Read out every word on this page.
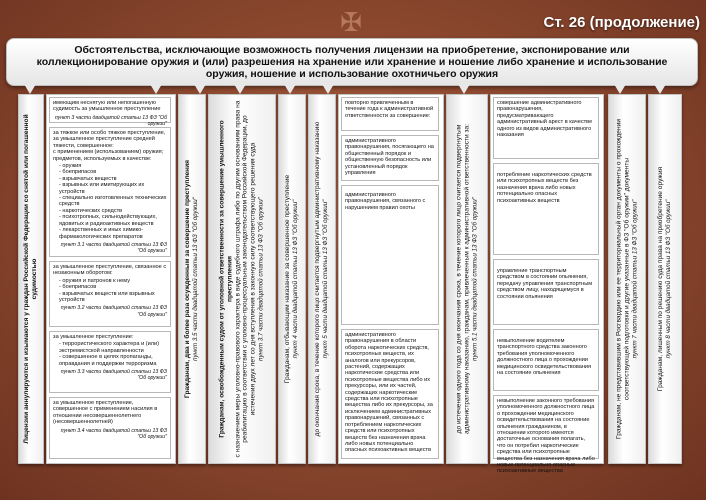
✠	Ст. 26 (продолжение)
Обстоятельства, исключающие возможность получения лицензии на приобретение, экспонирование или коллекционирование оружия и (или) разрешения на хранение или хранение и ношение либо хранение и использование оружия, ношение и использование охотничьего оружия
Лицензии аннулируются и изымаются у граждан Российской Федерации со снятой или погашенной судимостью
имеющим неснятую или непогашенную судимость за умышленное преступление
пункт 3 части двадцатой статьи 13 ФЗ "Об оружии"
за тяжкое или особо тяжкое преступление, за умышленное преступление средней тяжести, совершенное:
с применением (использованием) оружия; предметов, используемых в качестве:
- оружия
- боеприпасов
- взрывчатых веществ
- взрывных или имитирующих их устройств
- специально изготовленных технических средств
- наркотических средств
- психотропных, сильнодействующих, ядовитых и радиоактивных веществ
- лекарственных и иных химико-фармакологических препаратов
пункт 3.1 части двадцатой статьи 13 ФЗ "Об оружии"
за умышленное преступление, связанное с незаконным оборотом:
- оружия и патронов к нему
- боеприпасов
- взрывчатых веществ или взрывных устройств
пункт 3.2 части двадцатой статьи 13 ФЗ "Об оружии"
за умышленное преступление:
- террористического характера и (или) экстремистской направленности
- совершенное в целях пропаганды, оправдания и поддержки терроризма
пункт 3.3 части двадцатой статьи 13 ФЗ "Об оружии"
за умышленное преступление, совершенное с применением насилия в отношении несовершеннолетнего (несовершеннолетней)
пункт 3.4 части двадцатой статьи 13 ФЗ "Об оружии"
Гражданам, два и более раза осужденным за совершение преступления
пункт 3.5 части двадцатой статьи 13 ФЗ "Об оружии"	Гражданам, освобожденным судом от уголовной ответственности за совершение умышленного преступления
с назначением меры уголовно-правового характера в виде судебного штрафа либо по другим основаниям права на реабилитацию в соответствии с уголовно-процессуальным законодательством Российской Федерации, до истечения двух лет со дня вступления в законную силу соответствующего решения суда
пункт 3.7 части двадцатой статьи 13 ФЗ "Об оружии"	Гражданам, отбывающим наказание за совершенное преступление
пункт 4 части двадцатой статьи 13 ФЗ "Об оружии" до окончания срока, в течение которого лицо считается подвергнутым административному наказанию
пункт 5 части двадцатой статьи 13 ФЗ "Об оружии"
повторно привлеченным в течение года к административной ответственности за совершение:
административного правонарушения, посягающего на общественный порядок и общественную безопасность или установленный порядок управления
административного правонарушения, связанного с нарушением правил охоты
административного правонарушения в области оборота наркотических средств, психотропных веществ, их аналогов или прекурсоров, растений, содержащих наркотические средства или психотропные вещества либо их прекурсоры, или их частей, содержащих наркотические средства или психотропные вещества либо их прекурсоры, за исключением административных правонарушений, связанных с потреблением наркотических средств или психотропных веществ без назначения врача либо новых потенциально опасных психоактивных веществ
до истечения одного года со дня окончания срока, в течение которого лицо считается подвергнутым административному наказанию, гражданам, привлеченным к административной ответственности за:
пункт 5.1 части двадцатой статьи 13 ФЗ "Об оружии"
совершение административного правонарушения, предусматривающего административный арест в качестве одного из видов административного наказания
потребление наркотических средств или психотропных веществ без назначения врача либо новых потенциально опасных психоактивных веществ
управление транспортным средством в состоянии опьянения, передачу управления транспортным средством лицу, находящемуся в состоянии опьянения
невыполнение водителем транспортного средства законного требования уполномоченного должностного лица о прохождении медицинского освидетельствования на состояние опьянения
невыполнение законного требования уполномоченного должностного лица о прохождении медицинского освидетельствования на состояние опьянения гражданином, в отношении которого имеются достаточные основания полагать, что он потребил наркотические средства или психотропные вещества без назначения врача либо новые потенциально опасные психоактивные вещества
Гражданам, не представившим в Росгвардию или ее территориальный орган документы о прохождении соответствующей подготовки и другие указанные в ФЗ "Об оружии" документы
пункт 7 части двадцатой статьи 13 ФЗ "Об оружии"	Гражданам, лишенным по решению суда права на приобретение оружия
пункт 8 части двадцатой статьи 13 ФЗ "Об оружии"
